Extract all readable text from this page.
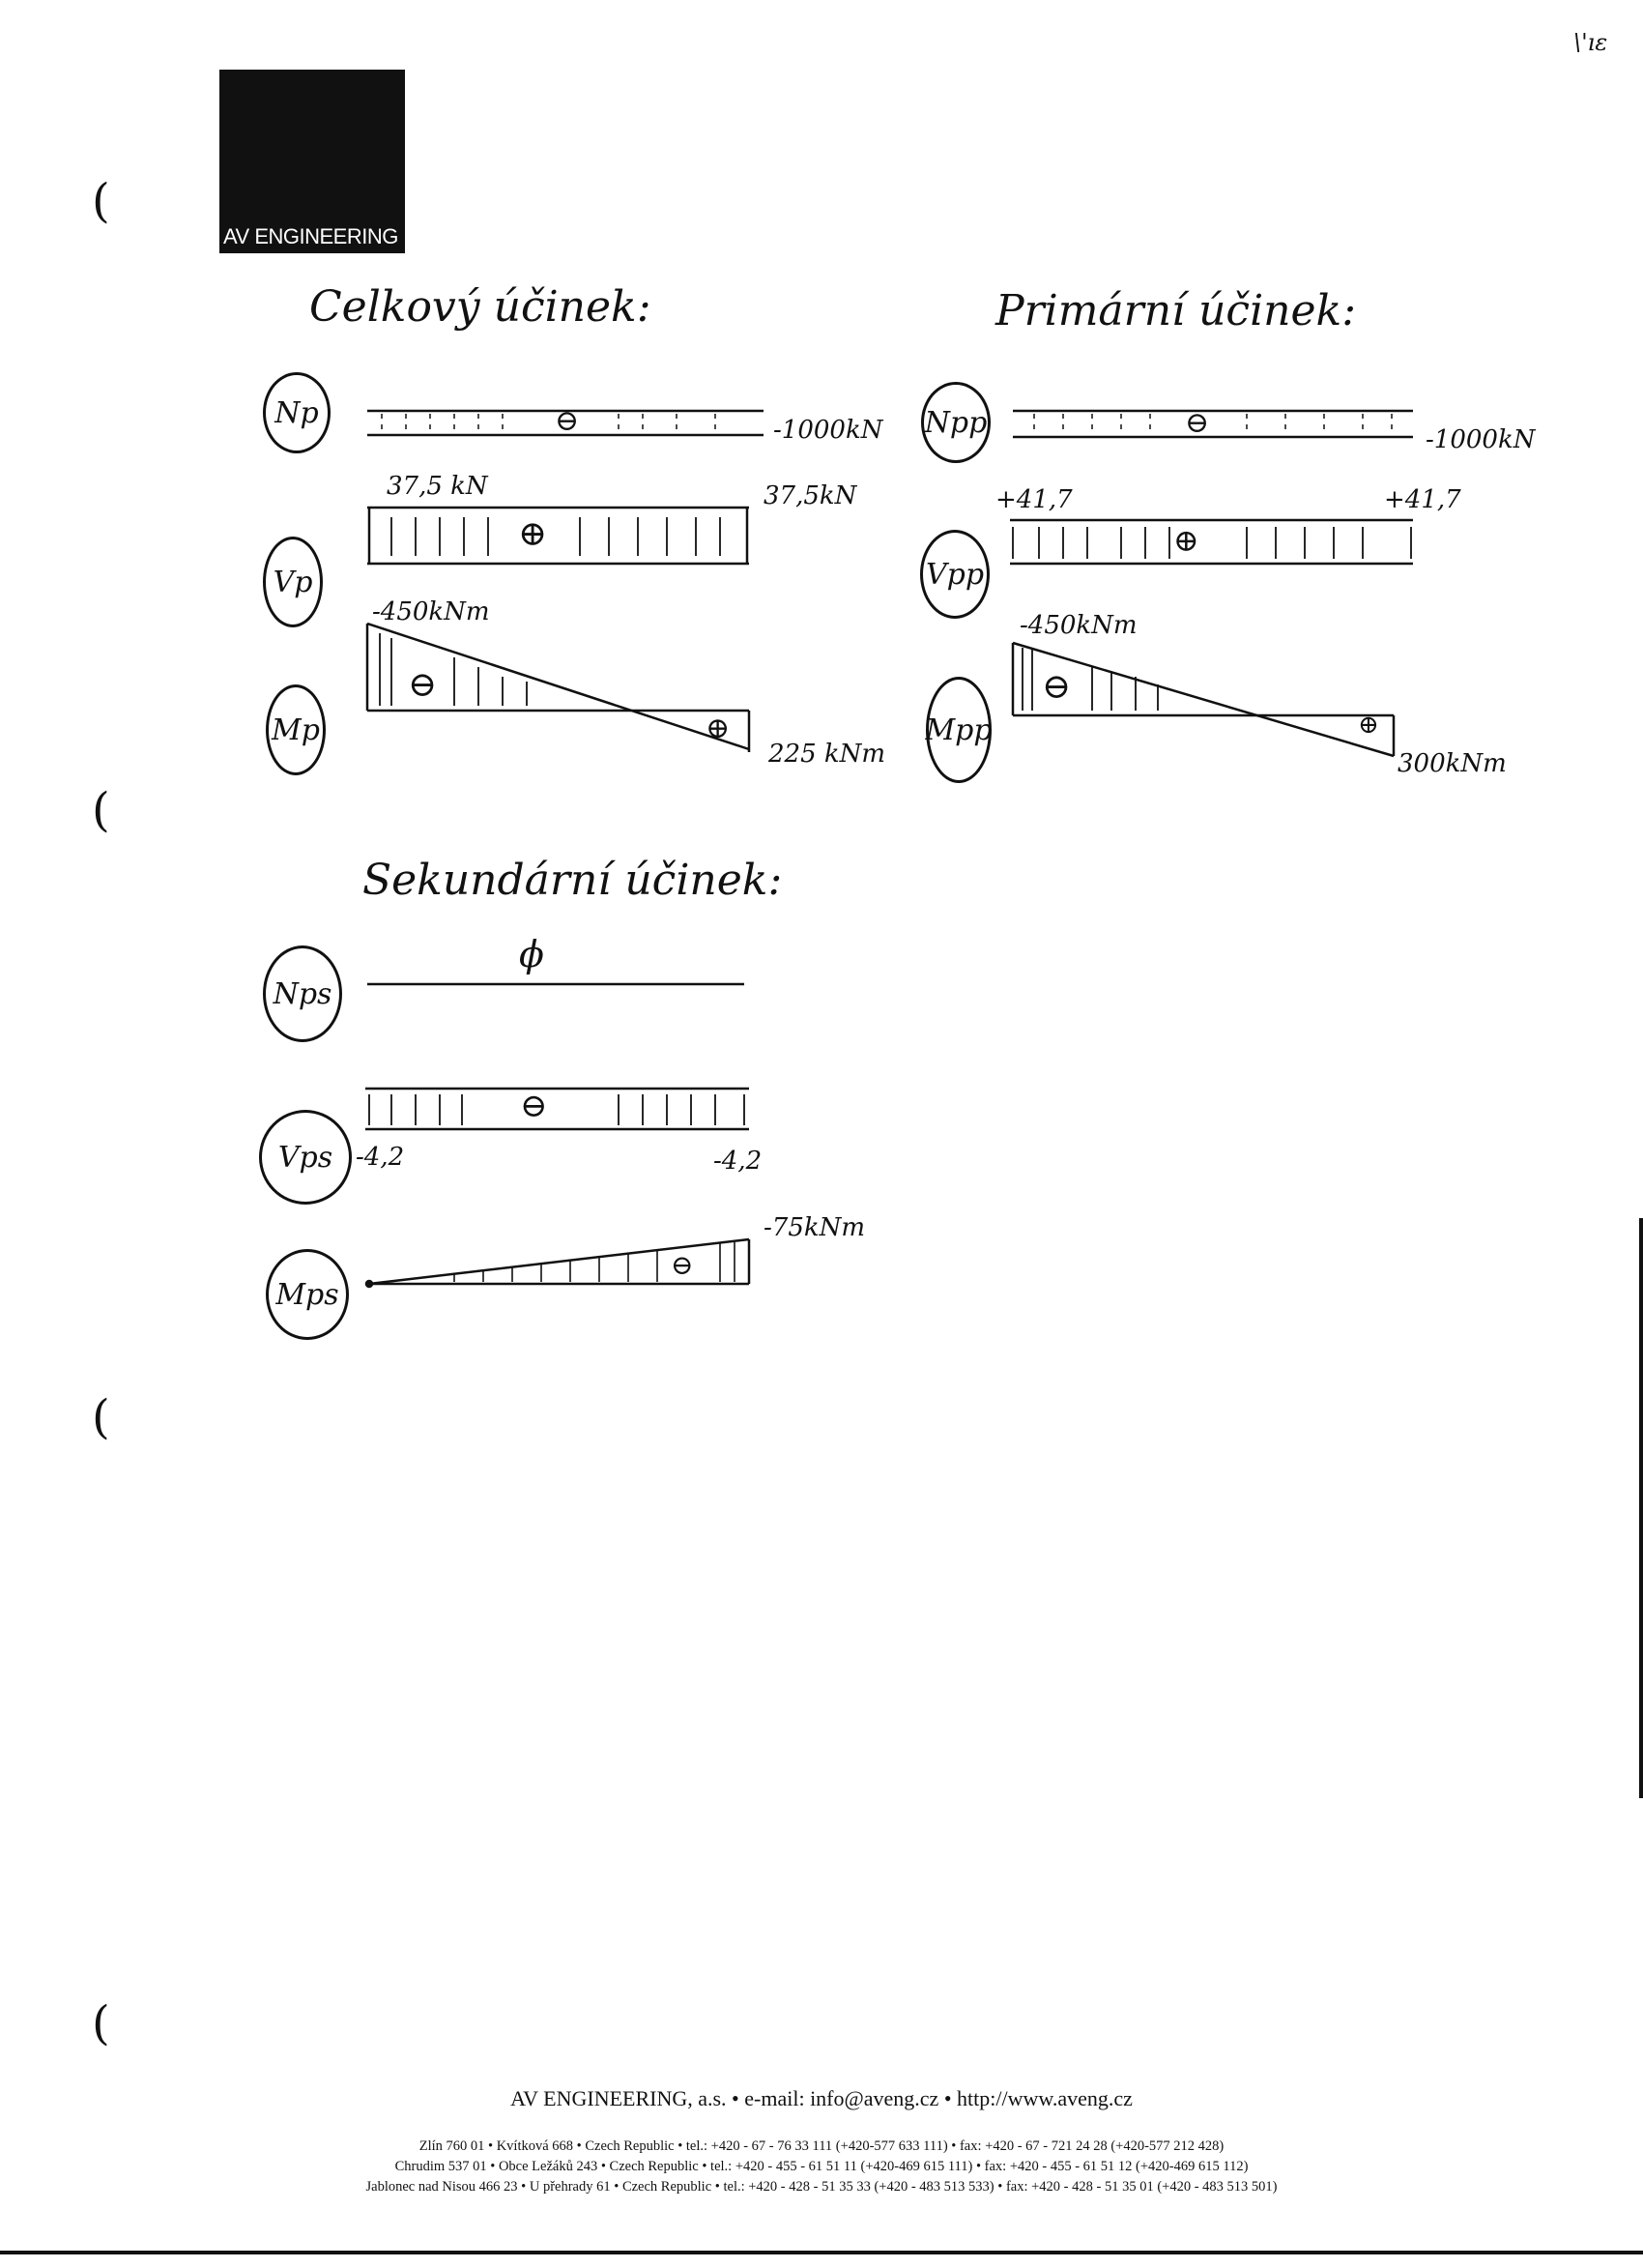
AV ENGINEERING
\'ıε
(
(
(
(
Celkový účinek:
Np
-1000kN
⊖
Vp
37,5 kN	37,5kN
⊕
Mp
-450kNm
225 kNm
⊖
⊕
Primární účinek:
Npp
-1000kN
⊖
Vpp
+41,7	+41,7
⊕
Mpp
-450kNm
300kNm
⊖
⊕
Sekundární účinek:
Nps
ϕ
Vps -4,2	-4,2
⊖
Mps
-75kNm
⊖
AV ENGINEERING, a.s. • e-mail: info@aveng.cz • http://www.aveng.cz
Zlín 760 01 • Kvítková 668 • Czech Republic • tel.: +420 - 67 - 76 33 111 (+420-577 633 111) • fax: +420 - 67 - 721 24 28 (+420-577 212 428)
Chrudim 537 01 • Obce Ležáků 243 • Czech Republic • tel.: +420 - 455 - 61 51 11 (+420-469 615 111) • fax: +420 - 455 - 61 51 12 (+420-469 615 112)
Jablonec nad Nisou 466 23 • U přehrady 61 • Czech Republic • tel.: +420 - 428 - 51 35 33 (+420 - 483 513 533) • fax: +420 - 428 - 51 35 01 (+420 - 483 513 501)
